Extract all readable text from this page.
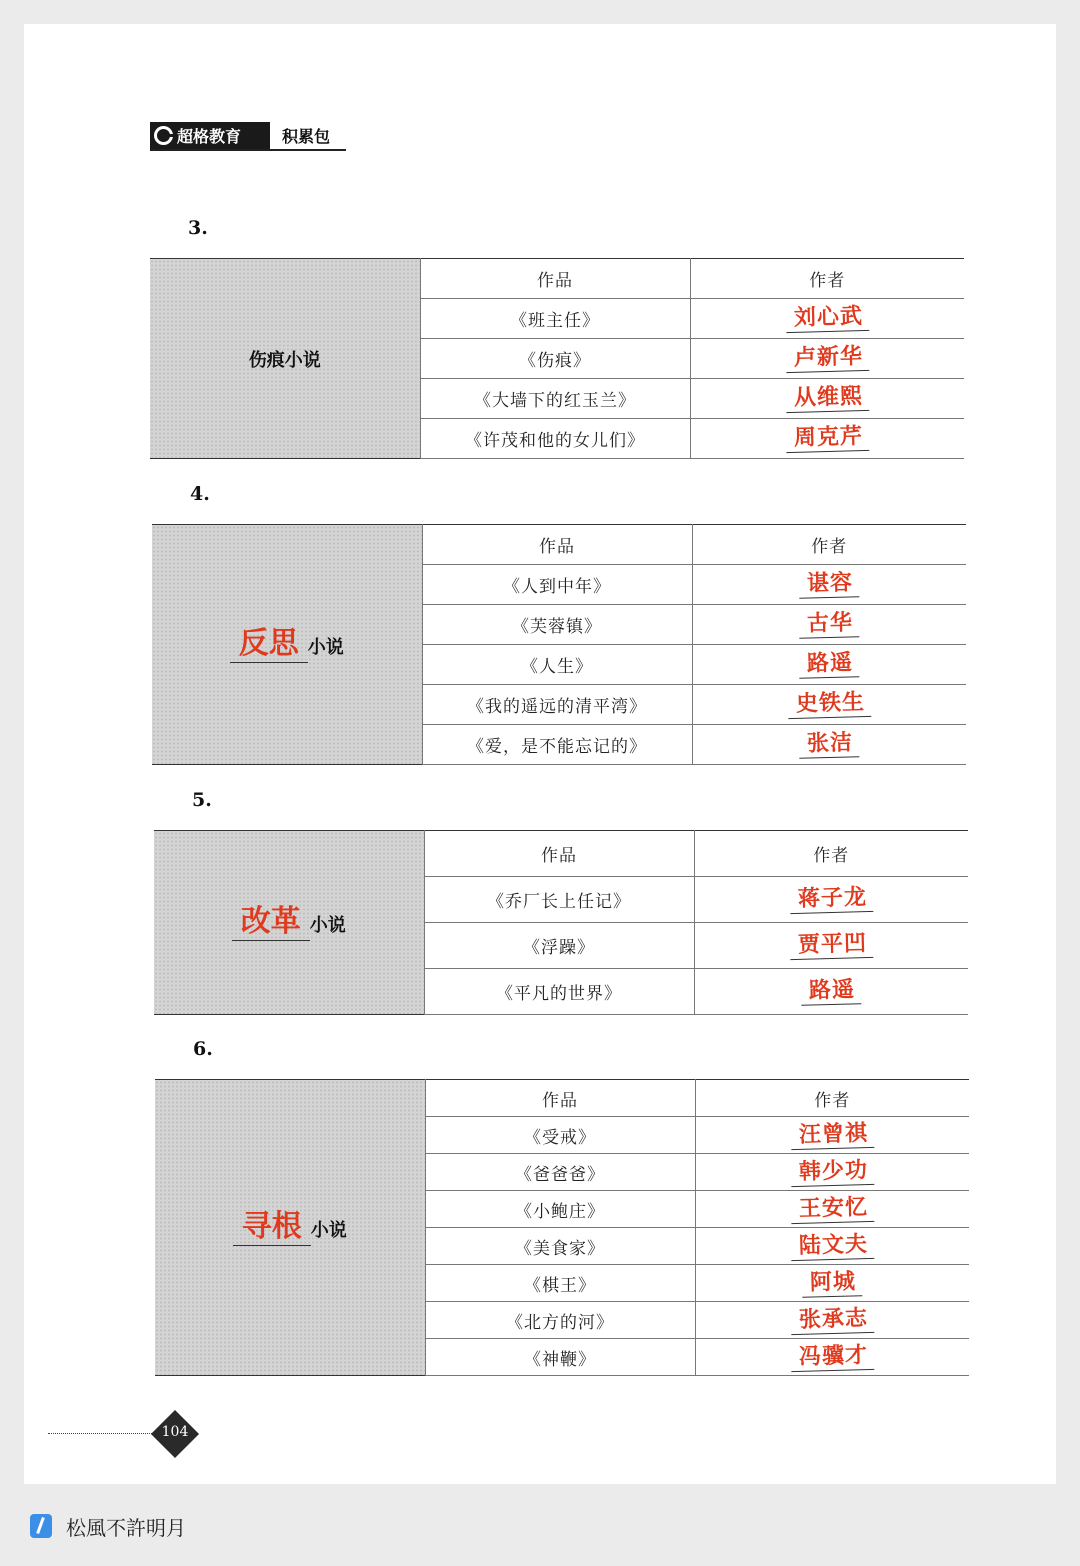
超格教育	积累包
3.
伤痕小说	作品	作者
	《班主任》	刘心武
	《伤痕》	卢新华
	《大墙下的红玉兰》	从维熙
	《许茂和他的女儿们》	周克芹
4.
反思 小说	作品	作者
	《人到中年》	谌容
	《芙蓉镇》	古华
	《人生》	路遥
	《我的遥远的清平湾》	史铁生
	《爱，是不能忘记的》	张洁
5.
改革 小说	作品	作者
	《乔厂长上任记》	蒋子龙
	《浮躁》	贾平凹
	《平凡的世界》	路遥
6.
寻根 小说	作品	作者
	《受戒》	汪曾祺
	《爸爸爸》	韩少功
	《小鲍庄》	王安忆
	《美食家》	陆文夫
	《棋王》	阿城
	《北方的河》	张承志
	《神鞭》	冯骥才
104
松風不許明月
